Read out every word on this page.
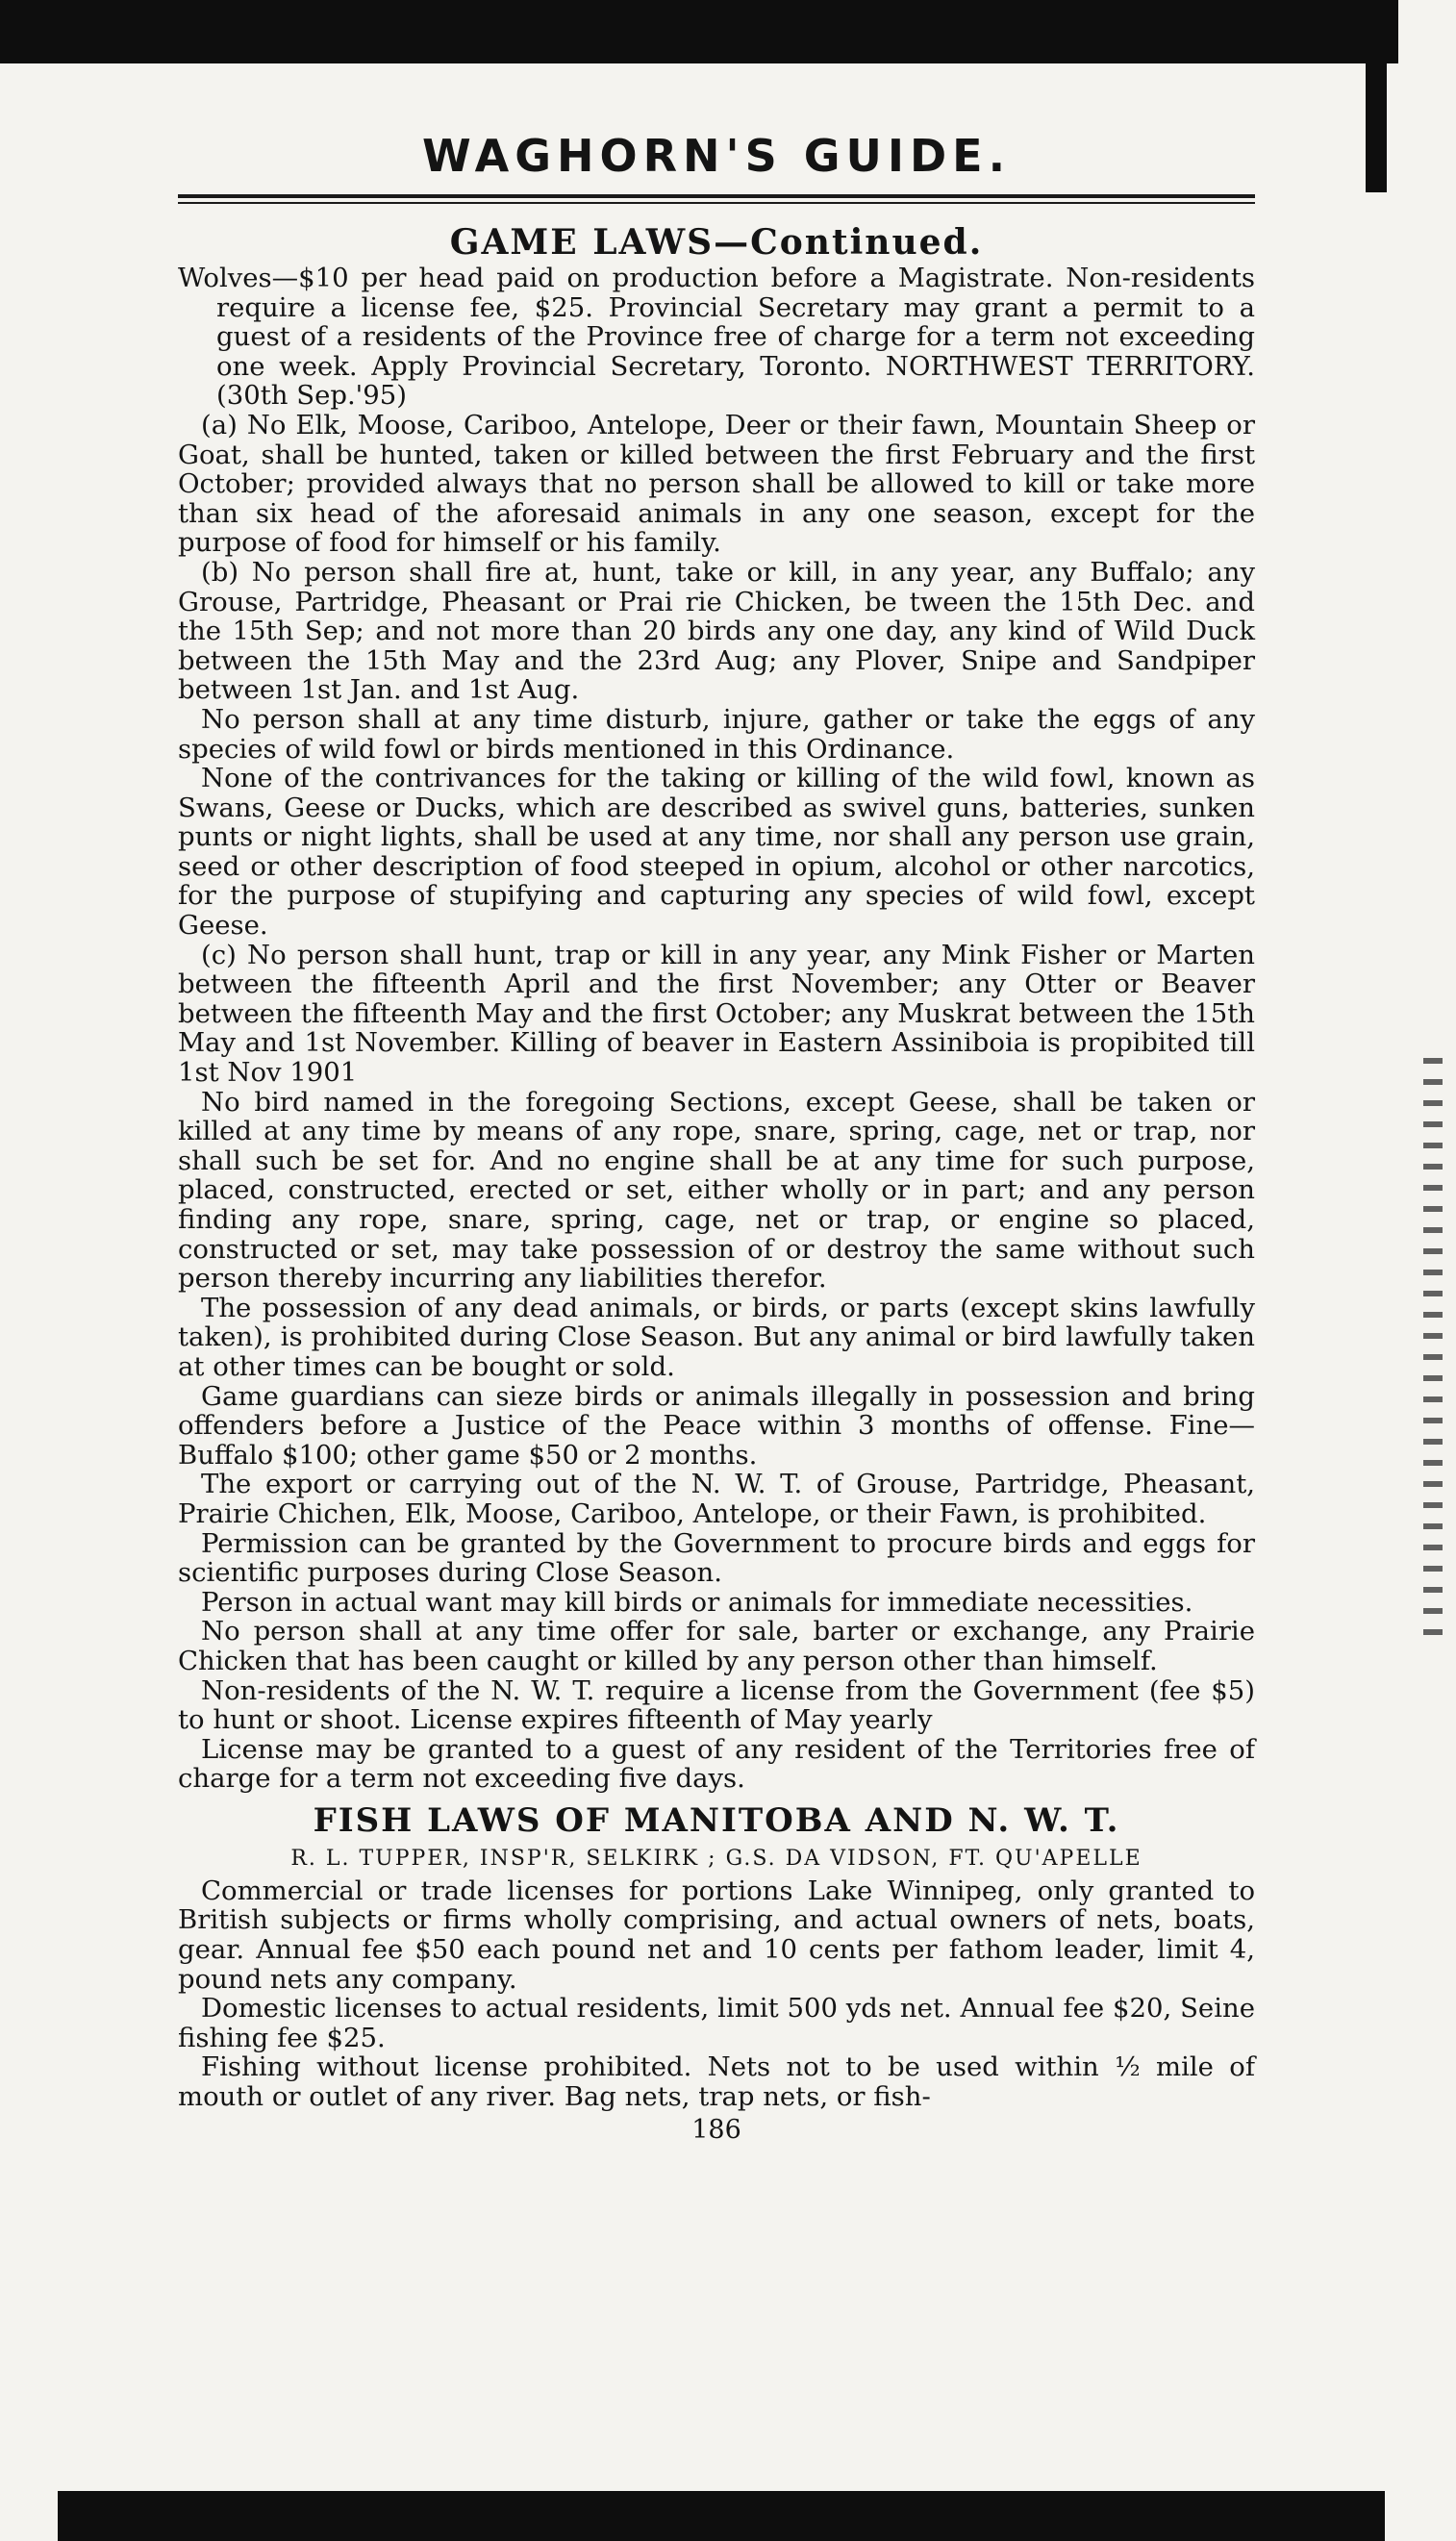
WAGHORN'S GUIDE.
GAME LAWS—Continued.
Wolves—$10 per head paid on production before a Magistrate. Non-residents require a license fee, $25. Provincial Secretary may grant a permit to a guest of a residents of the Province free of charge for a term not exceeding one week. Apply Provincial Secretary, Toronto. NORTHWEST TERRITORY. (30th Sep.'95)
(a) No Elk, Moose, Cariboo, Antelope, Deer or their fawn, Mountain Sheep or Goat, shall be hunted, taken or killed between the first February and the first October; provided always that no person shall be allowed to kill or take more than six head of the aforesaid animals in any one season, except for the purpose of food for himself or his family.
(b) No person shall fire at, hunt, take or kill, in any year, any Buffalo; any Grouse, Partridge, Pheasant or Prai rie Chicken, be tween the 15th Dec. and the 15th Sep; and not more than 20 birds any one day, any kind of Wild Duck between the 15th May and the 23rd Aug; any Plover, Snipe and Sandpiper between 1st Jan. and 1st Aug.
No person shall at any time disturb, injure, gather or take the eggs of any species of wild fowl or birds mentioned in this Ordinance.
None of the contrivances for the taking or killing of the wild fowl, known as Swans, Geese or Ducks, which are described as swivel guns, batteries, sunken punts or night lights, shall be used at any time, nor shall any person use grain, seed or other description of food steeped in opium, alcohol or other narcotics, for the purpose of stupifying and capturing any species of wild fowl, except Geese.
(c) No person shall hunt, trap or kill in any year, any Mink Fisher or Marten between the fifteenth April and the first November; any Otter or Beaver between the fifteenth May and the first October; any Muskrat between the 15th May and 1st November. Killing of beaver in Eastern Assiniboia is propibited till 1st Nov 1901
No bird named in the foregoing Sections, except Geese, shall be taken or killed at any time by means of any rope, snare, spring, cage, net or trap, nor shall such be set for. And no engine shall be at any time for such purpose, placed, constructed, erected or set, either wholly or in part; and any person finding any rope, snare, spring, cage, net or trap, or engine so placed, constructed or set, may take possession of or destroy the same without such person thereby incurring any liabilities therefor.
The possession of any dead animals, or birds, or parts (except skins lawfully taken), is prohibited during Close Season. But any animal or bird lawfully taken at other times can be bought or sold.
Game guardians can sieze birds or animals illegally in possession and bring offenders before a Justice of the Peace within 3 months of offense. Fine—Buffalo $100; other game $50 or 2 months.
The export or carrying out of the N. W. T. of Grouse, Partridge, Pheasant, Prairie Chichen, Elk, Moose, Cariboo, Antelope, or their Fawn, is prohibited.
Permission can be granted by the Government to procure birds and eggs for scientific purposes during Close Season.
Person in actual want may kill birds or animals for immediate necessities.
No person shall at any time offer for sale, barter or exchange, any Prairie Chicken that has been caught or killed by any person other than himself.
Non-residents of the N. W. T. require a license from the Government (fee $5) to hunt or shoot. License expires fifteenth of May yearly
License may be granted to a guest of any resident of the Territories free of charge for a term not exceeding five days.
FISH LAWS OF MANITOBA AND N. W. T.
R. L. TUPPER, INSP'R, SELKIRK ; G.S. DA VIDSON, FT. QU'APELLE
Commercial or trade licenses for portions Lake Winnipeg, only granted to British subjects or firms wholly comprising, and actual owners of nets, boats, gear. Annual fee $50 each pound net and 10 cents per fathom leader, limit 4, pound nets any company.
Domestic licenses to actual residents, limit 500 yds net. Annual fee $20, Seine fishing fee $25.
Fishing without license prohibited. Nets not to be used within ½ mile of mouth or outlet of any river. Bag nets, trap nets, or fish-
186
